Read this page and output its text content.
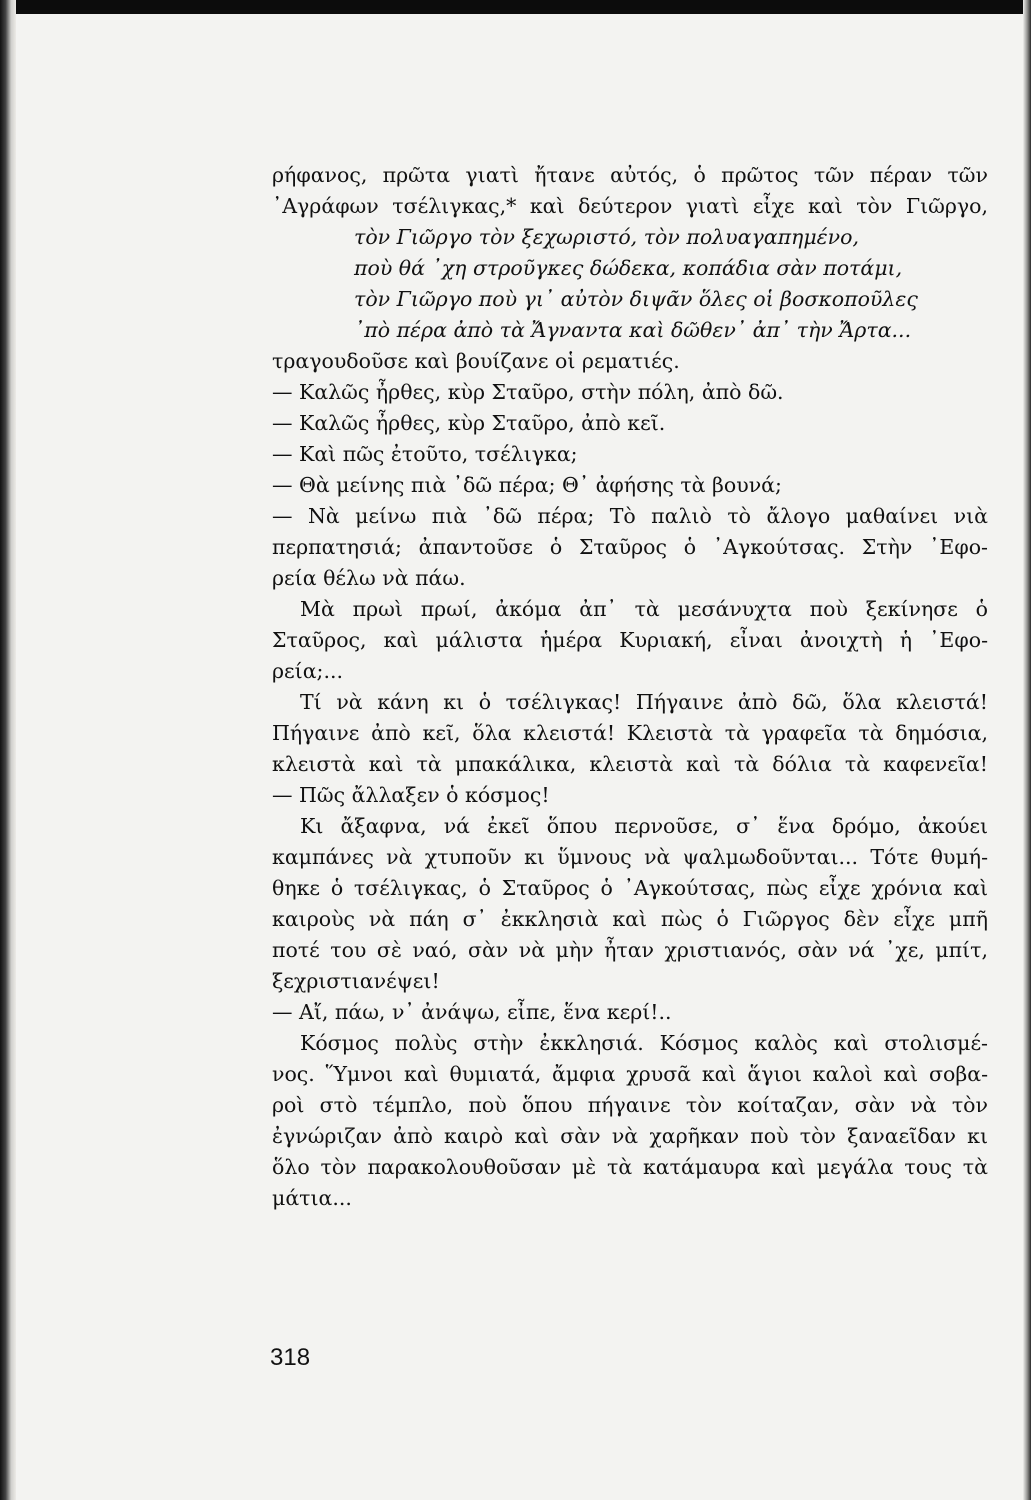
ρήφανος, πρῶτα γιατὶ ἤτανε αὐτός, ὁ πρῶτος τῶν πέραν τῶν
᾿Αγράφων τσέλιγκας,* καὶ δεύτερον γιατὶ εἶχε καὶ τὸν Γιῶργο,
τὸν Γιῶργο τὸν ξεχωριστό, τὸν πολυαγαπημένο,
ποὺ θά ᾿χη στροῦγκες δώδεκα, κοπάδια σὰν ποτάμι,
τὸν Γιῶργο ποὺ γι᾿ αὐτὸν διψᾶν ὅλες οἱ βοσκοποῦλες
᾿πὸ πέρα ἀπὸ τὰ Ἄγναντα καὶ δῶθεν᾿ ἀπ᾿ τὴν Ἄρτα...
τραγουδοῦσε καὶ βουίζανε οἱ ρεματιές.
— Καλῶς ἦρθες, κὺρ Σταῦρο, στὴν πόλη, ἀπὸ δῶ.
— Καλῶς ἦρθες, κὺρ Σταῦρο, ἀπὸ κεῖ.
— Καὶ πῶς ἐτοῦτο, τσέλιγκα;
— Θὰ μείνης πιὰ ᾿δῶ πέρα; Θ᾿ ἀφήσης τὰ βουνά;
— Νὰ μείνω πιὰ ᾿δῶ πέρα; Τὸ παλιὸ τὸ ἄλογο μαθαίνει νιὰ
περπατησιά; ἀπαντοῦσε ὁ Σταῦρος ὁ ᾿Αγκούτσας. Στὴν ᾿Εφο-
ρεία θέλω νὰ πάω.
Μὰ πρωὶ πρωί, ἀκόμα ἀπ᾿ τὰ μεσάνυχτα ποὺ ξεκίνησε ὁ
Σταῦρος, καὶ μάλιστα ἡμέρα Κυριακή, εἶναι ἀνοιχτὴ ἡ ᾿Εφο-
ρεία;...
Τί νὰ κάνη κι ὁ τσέλιγκας! Πήγαινε ἀπὸ δῶ, ὅλα κλειστά!
Πήγαινε ἀπὸ κεῖ, ὅλα κλειστά! Κλειστὰ τὰ γραφεῖα τὰ δημόσια,
κλειστὰ καὶ τὰ μπακάλικα, κλειστὰ καὶ τὰ δόλια τὰ καφενεῖα!
— Πῶς ἄλλαξεν ὁ κόσμος!
Κι ἄξαφνα, νά ἐκεῖ ὅπου περνοῦσε, σ᾿ ἕνα δρόμο, ἀκούει
καμπάνες νὰ χτυποῦν κι ὕμνους νὰ ψαλμωδοῦνται... Τότε θυμή-
θηκε ὁ τσέλιγκας, ὁ Σταῦρος ὁ ᾿Αγκούτσας, πὼς εἶχε χρόνια καὶ
καιροὺς νὰ πάη σ᾿ ἐκκλησιὰ καὶ πὼς ὁ Γιῶργος δὲν εἶχε μπῆ
ποτέ του σὲ ναό, σὰν νὰ μὴν ἦταν χριστιανός, σὰν νά ᾿χε, μπίτ,
ξεχριστιανέψει!
— Αἴ, πάω, ν᾿ ἀνάψω, εἶπε, ἕνα κερί!..
Κόσμος πολὺς στὴν ἐκκλησιά. Κόσμος καλὸς καὶ στολισμέ-
νος. Ὕμνοι καὶ θυμιατά, ἄμφια χρυσᾶ καὶ ἅγιοι καλοὶ καὶ σοβα-
ροὶ στὸ τέμπλο, ποὺ ὅπου πήγαινε τὸν κοίταζαν, σὰν νὰ τὸν
ἐγνώριζαν ἀπὸ καιρὸ καὶ σὰν νὰ χαρῆκαν ποὺ τὸν ξαναεῖδαν κι
ὅλο τὸν παρακολουθοῦσαν μὲ τὰ κατάμαυρα καὶ μεγάλα τους τὰ
μάτια...
318
